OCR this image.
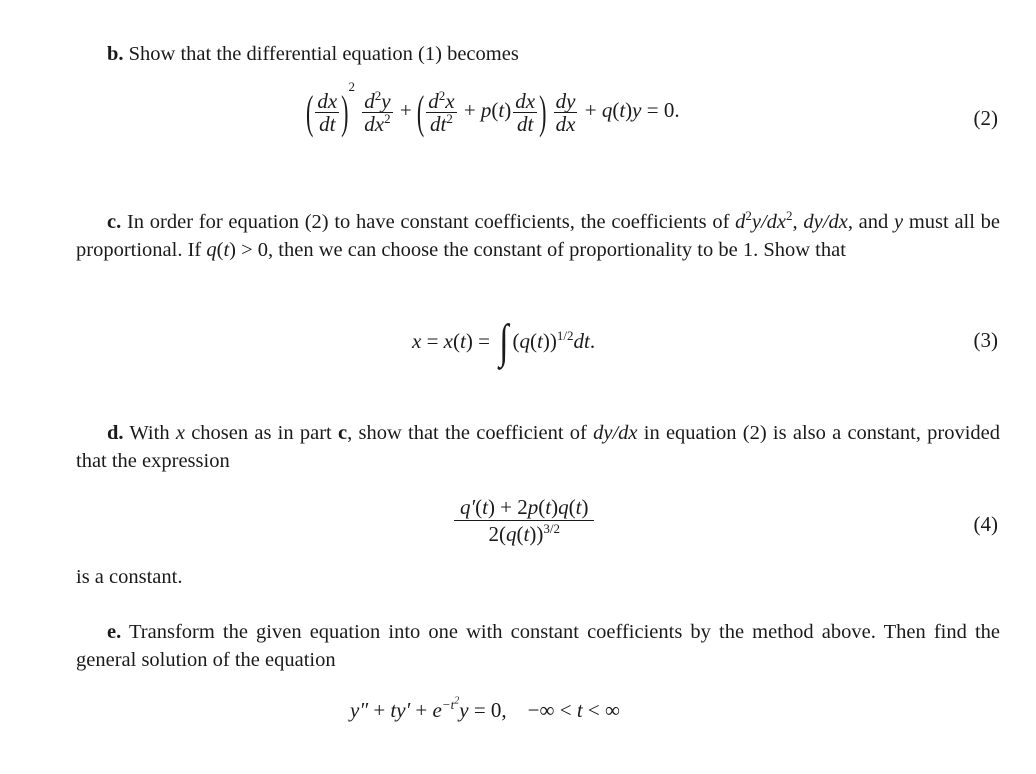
b. Show that the differential equation (1) becomes
( $\frac{dx}{dt} )^2$
$\frac{d^2y}{dx^2}$ + ( $\frac{d^2x}{dt^2} + p(t) \frac{dx}{dt}$ ) $\frac{dy}{dx} + q(t)y = 0$.	(2)
c. In order for equation (2) to have constant coefficients, the coefficients of $d^2y/dx^2$, dy/dx, and y must all be proportional. If q(t) > 0, then we can choose the constant of proportionality to be 1. Show that
x = x(t) = ∫ $(q(t))^{1/2}dt$.	(3)
d. With x chosen as in part c, show that the coefficient of dy/dx in equation (2) is also a constant, provided that the expression
$\frac{q'(t) + 2p(t)q(t)}{2(q(t))^{3/2}}$	(4)
is a constant.
e. Transform the given equation into one with constant coefficients by the method above. Then find the general solution of the equation
$y'' + ty' + e^{-t^2}y = 0$, −∞ < t < ∞
